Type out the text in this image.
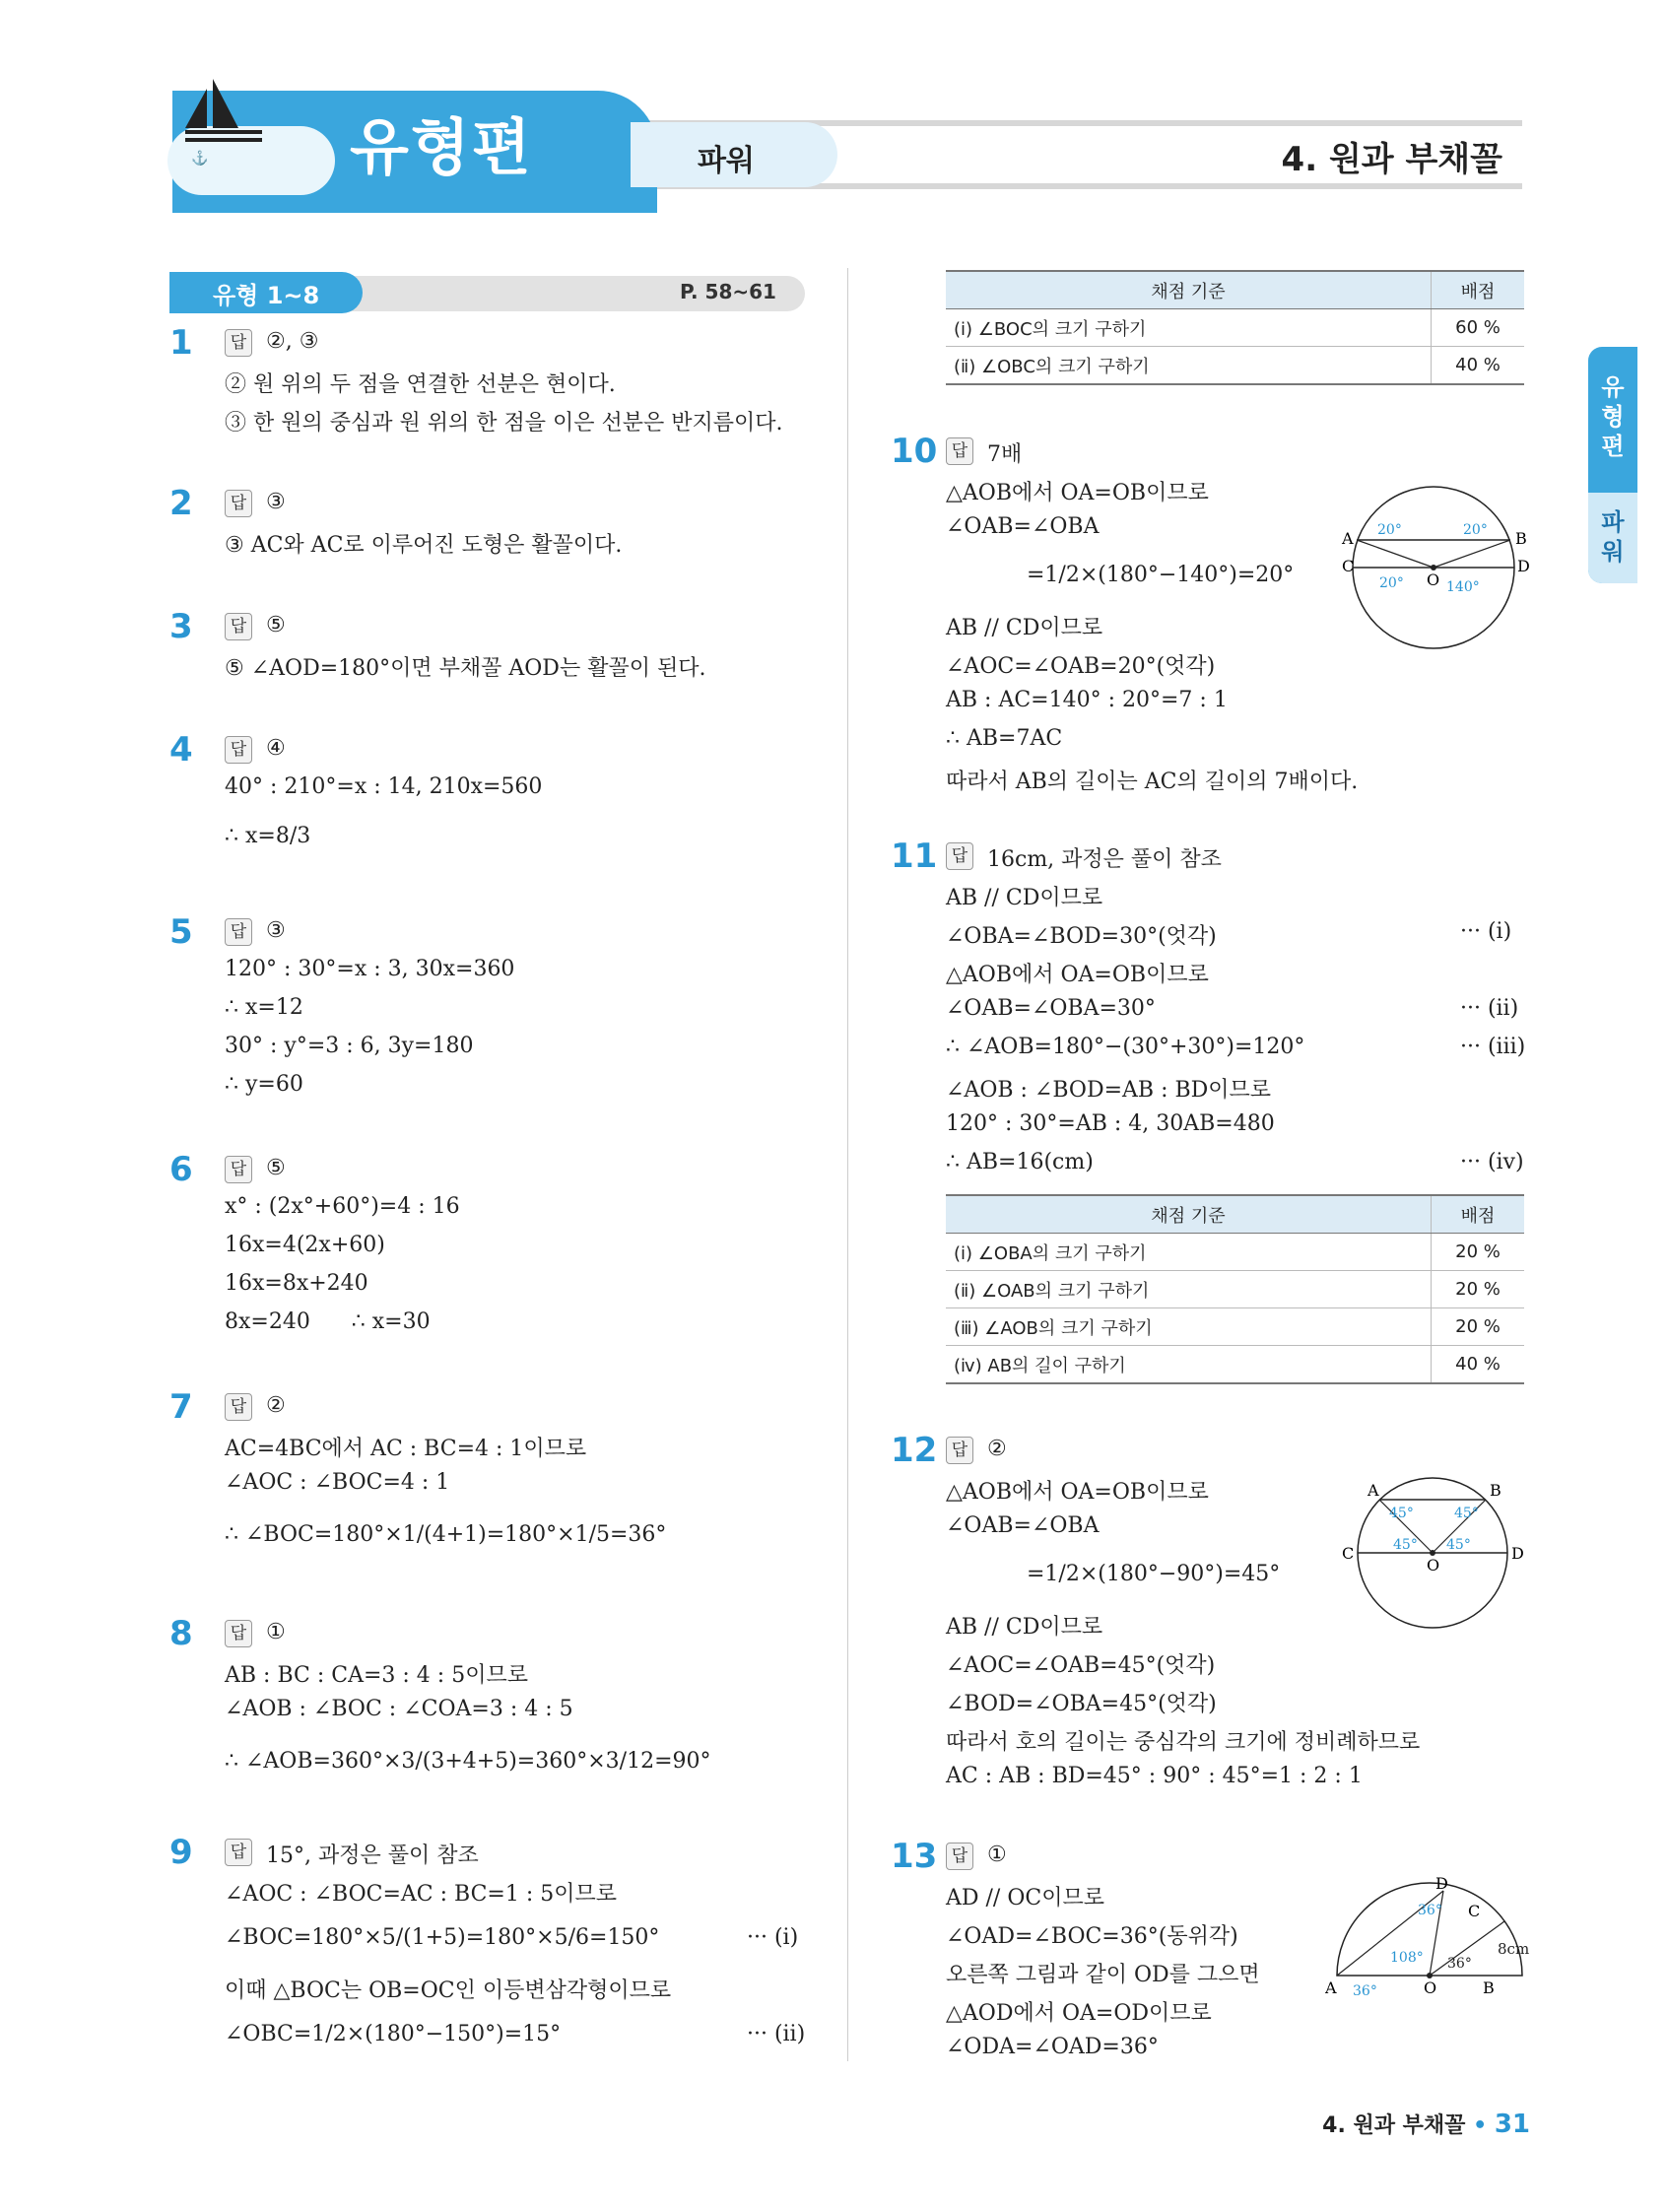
⚓ 유형편	파워	4. 원과 부채꼴
유형편
파워
유형 1~8	P. 58~61
1	답 ②, ③
② 원 위의 두 점을 연결한 선분은 현이다.
③ 한 원의 중심과 원 위의 한 점을 이은 선분은 반지름이다.
2	답 ③
③ AC와 AC로 이루어진 도형은 활꼴이다.
3	답 ⑤
⑤ ∠AOD=180°이면 부채꼴 AOD는 활꼴이 된다.
4	답 ④
40° : 210°=x : 14, 210x=560
∴ x=8/3
5	답 ③
120° : 30°=x : 3, 30x=360
∴ x=12
30° : y°=3 : 6, 3y=180
∴ y=60
6	답 ⑤
x° : (2x°+60°)=4 : 16
16x=4(2x+60)
16x=8x+240
8x=240      ∴ x=30
7	답 ②
AC=4BC에서 AC : BC=4 : 1이므로
∠AOC : ∠BOC=4 : 1
∴ ∠BOC=180°×1/(4+1)=180°×1/5=36°
8	답 ①
AB : BC : CA=3 : 4 : 5이므로
∠AOB : ∠BOC : ∠COA=3 : 4 : 5
∴ ∠AOB=360°×3/(3+4+5)=360°×3/12=90°
9	답 15°, 과정은 풀이 참조
∠AOC : ∠BOC=AC : BC=1 : 5이므로
∠BOC=180°×5/(1+5)=180°×5/6=150°	··· (ⅰ)
이때 △BOC는 OB=OC인 이등변삼각형이므로
∠OBC=1/2×(180°−150°)=15°	··· (ⅱ)
채점 기준	배점
(ⅰ) ∠BOC의 크기 구하기	60 %
(ⅱ) ∠OBC의 크기 구하기	40 %
10 답 7배
△AOB에서 OA=OB이므로
∠OAB=∠OBA
=1/2×(180°−140°)=20°
AB // CD이므로
∠AOC=∠OAB=20°(엇각)
AB : AC=140° : 20°=7 : 1
∴ AB=7AC
따라서 AB의 길이는 AC의 길이의 7배이다.
A	B
C	D
O
20°	20°
20°	140°
11 답 16cm, 과정은 풀이 참조
AB // CD이므로
∠OBA=∠BOD=30°(엇각)	··· (ⅰ)
△AOB에서 OA=OB이므로
∠OAB=∠OBA=30°	··· (ⅱ)
∴ ∠AOB=180°−(30°+30°)=120°	··· (ⅲ)
∠AOB : ∠BOD=AB : BD이므로
120° : 30°=AB : 4, 30AB=480
∴ AB=16(cm)	··· (ⅳ)
채점 기준	배점
(ⅰ) ∠OBA의 크기 구하기	20 %
(ⅱ) ∠OAB의 크기 구하기	20 %
(ⅲ) ∠AOB의 크기 구하기	20 %
(ⅳ) AB의 길이 구하기	40 %
12 답 ②
△AOB에서 OA=OB이므로
∠OAB=∠OBA
=1/2×(180°−90°)=45°
AB // CD이므로
∠AOC=∠OAB=45°(엇각)
∠BOD=∠OBA=45°(엇각)
따라서 호의 길이는 중심각의 크기에 정비례하므로
AC : AB : BD=45° : 90° : 45°=1 : 2 : 1
A	B
C	D
O
45°	45°
45° 45°
13 답 ①
AD // OC이므로
∠OAD=∠BOC=36°(동위각)
오른쪽 그림과 같이 OD를 그으면
△AOD에서 OA=OD이므로
∠ODA=∠OAD=36°
A	B
O
D
C
36°
36°
108° 36°
8cm
4. 원과 부채꼴 • 31
